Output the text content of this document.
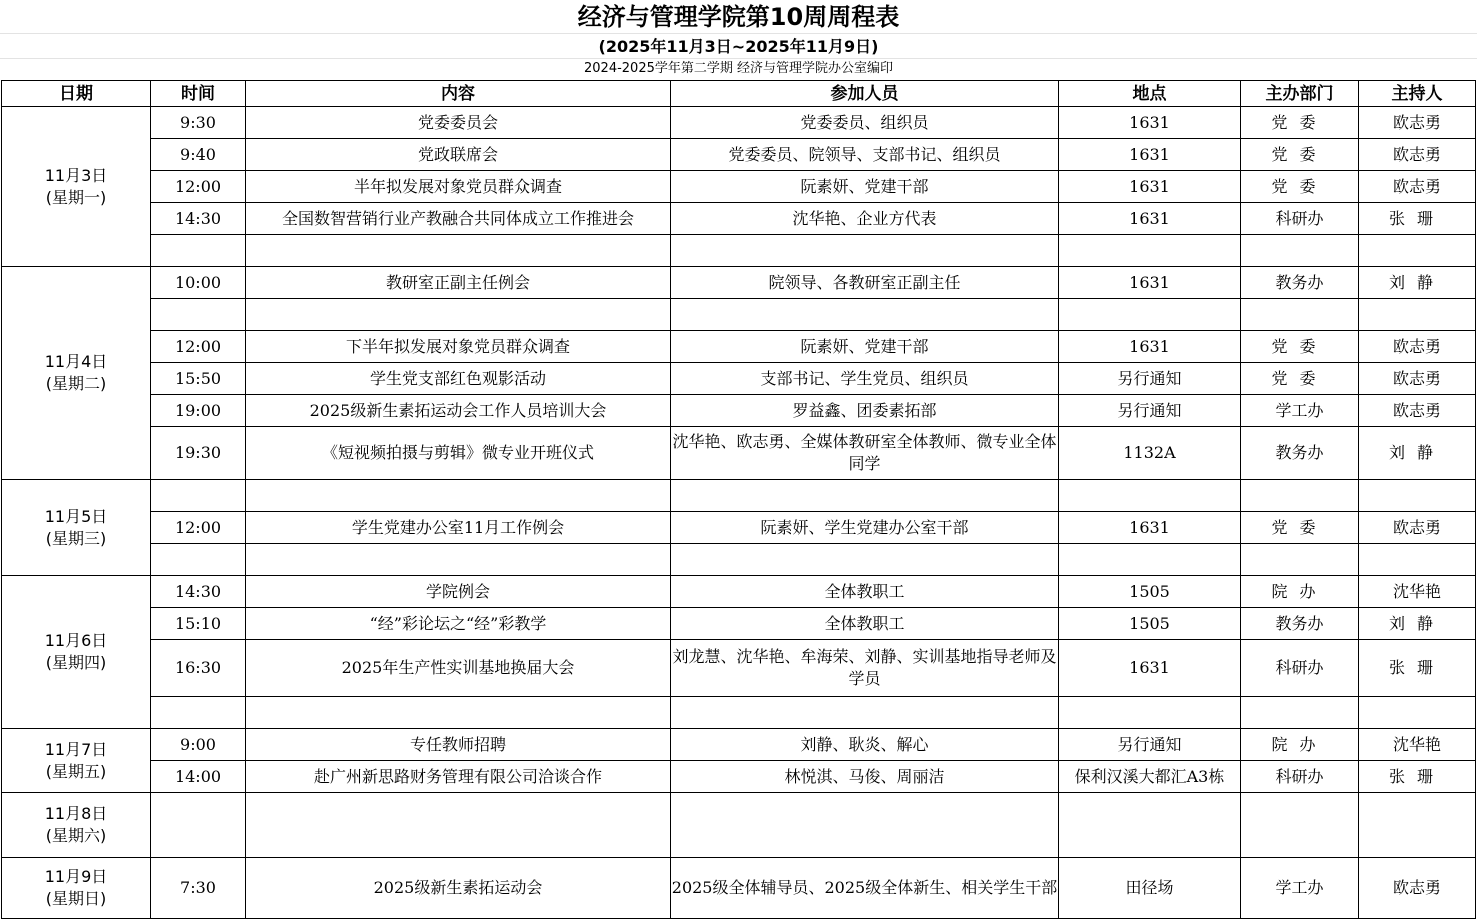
经济与管理学院第10周周程表
(2025年11月3日~2025年11月9日)
2024-2025学年第二学期 经济与管理学院办公室编印
日期	时间	内容	参加人员	地点	主办部门	主持人

11月3日
(星期一)	9:30	党委委员会	党委委员、组织员	1631	党委	欧志勇
	9:40	党政联席会	党委委员、院领导、支部书记、组织员	1631	党委	欧志勇
	12:00	半年拟发展对象党员群众调查	阮素妍、党建干部	1631	党委	欧志勇
	14:30	全国数智营销行业产教融合共同体成立工作推进会	沈华艳、企业方代表	1631	科研办	张珊

11月4日
(星期二)	10:00	教研室正副主任例会	院领导、各教研室正副主任	1631	教务办	刘静

	12:00	下半年拟发展对象党员群众调查	阮素妍、党建干部	1631	党委	欧志勇
	15:50	学生党支部红色观影活动	支部书记、学生党员、组织员	另行通知	党委	欧志勇
	19:00	2025级新生素拓运动会工作人员培训大会	罗益鑫、团委素拓部	另行通知	学工办	欧志勇
	19:30	《短视频拍摄与剪辑》微专业开班仪式	沈华艳、欧志勇、全媒体教研室全体教师、微专业全体同学	1132A	教务办	刘静

11月5日
(星期三)						

	12:00	学生党建办公室11月工作例会	阮素妍、学生党建办公室干部	1631	党委	欧志勇

11月6日
(星期四)	14:30	学院例会	全体教职工	1505	院办	沈华艳
	15:10	“经”彩论坛之“经”彩教学	全体教职工	1505	教务办	刘静
	16:30	2025年生产性实训基地换届大会	刘龙慧、沈华艳、牟海荣、刘静、实训基地指导老师及学员	1631	科研办	张珊

11月7日
(星期五)	9:00	专任教师招聘	刘静、耿炎、解心	另行通知	院办	沈华艳
	14:00	赴广州新思路财务管理有限公司洽谈合作	林悦淇、马俊、周丽洁	保利汉溪大都汇A3栋	科研办	张珊

11月8日
(星期六)						

11月9日
(星期日)	7:30	2025级新生素拓运动会	2025级全体辅导员、2025级全体新生、相关学生干部	田径场	学工办	欧志勇
